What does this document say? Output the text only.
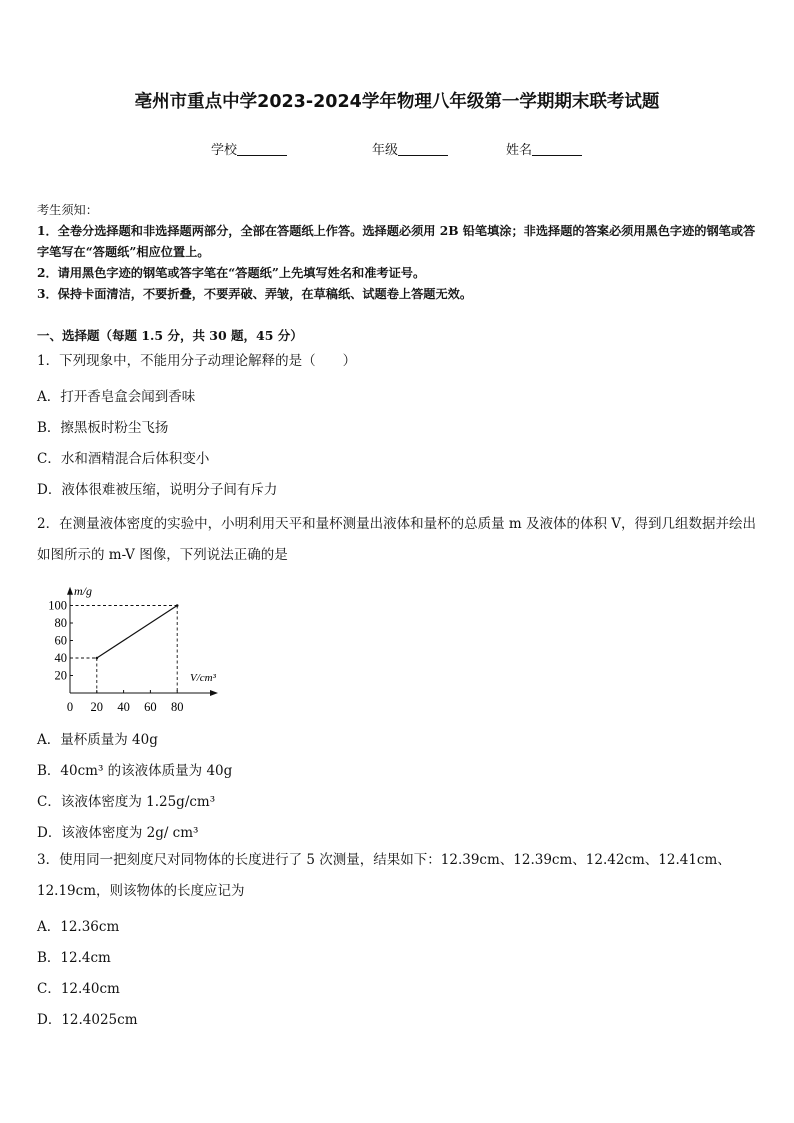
亳州市重点中学2023-2024学年物理八年级第一学期期末联考试题
学校	年级	姓名
考生须知：
1．全卷分选择题和非选择题两部分，全部在答题纸上作答。选择题必须用 2B 铅笔填涂；非选择题的答案必须用黑色字迹的钢笔或答字笔写在“答题纸”相应位置上。
2．请用黑色字迹的钢笔或答字笔在“答题纸”上先填写姓名和准考证号。
3．保持卡面清洁，不要折叠，不要弄破、弄皱，在草稿纸、试题卷上答题无效。
一、选择题（每题 1.5 分，共 30 题，45 分）
1．下列现象中，不能用分子动理论解释的是（　　）
A．打开香皂盒会闻到香味
B．擦黑板时粉尘飞扬
C．水和酒精混合后体积变小
D．液体很难被压缩，说明分子间有斥力
2．在测量液体密度的实验中，小明利用天平和量杯测量出液体和量杯的总质量 m 及液体的体积 V，得到几组数据并绘出 如图所示的 m-V 图像，下列说法正确的是
m/g
V/cm³
0 20 40 60 80
20
40
60
80
100
A．量杯质量为 40g
B．40cm³ 的该液体质量为 40g
C．该液体密度为 1.25g/cm³
D．该液体密度为 2g/ cm³
3．使用同一把刻度尺对同物体的长度进行了 5 次测量，结果如下：12.39cm、12.39cm、12.42cm、12.41cm、12.19cm，则该物体的长度应记为
A．12.36cm
B．12.4cm
C．12.40cm
D．12.4025cm
